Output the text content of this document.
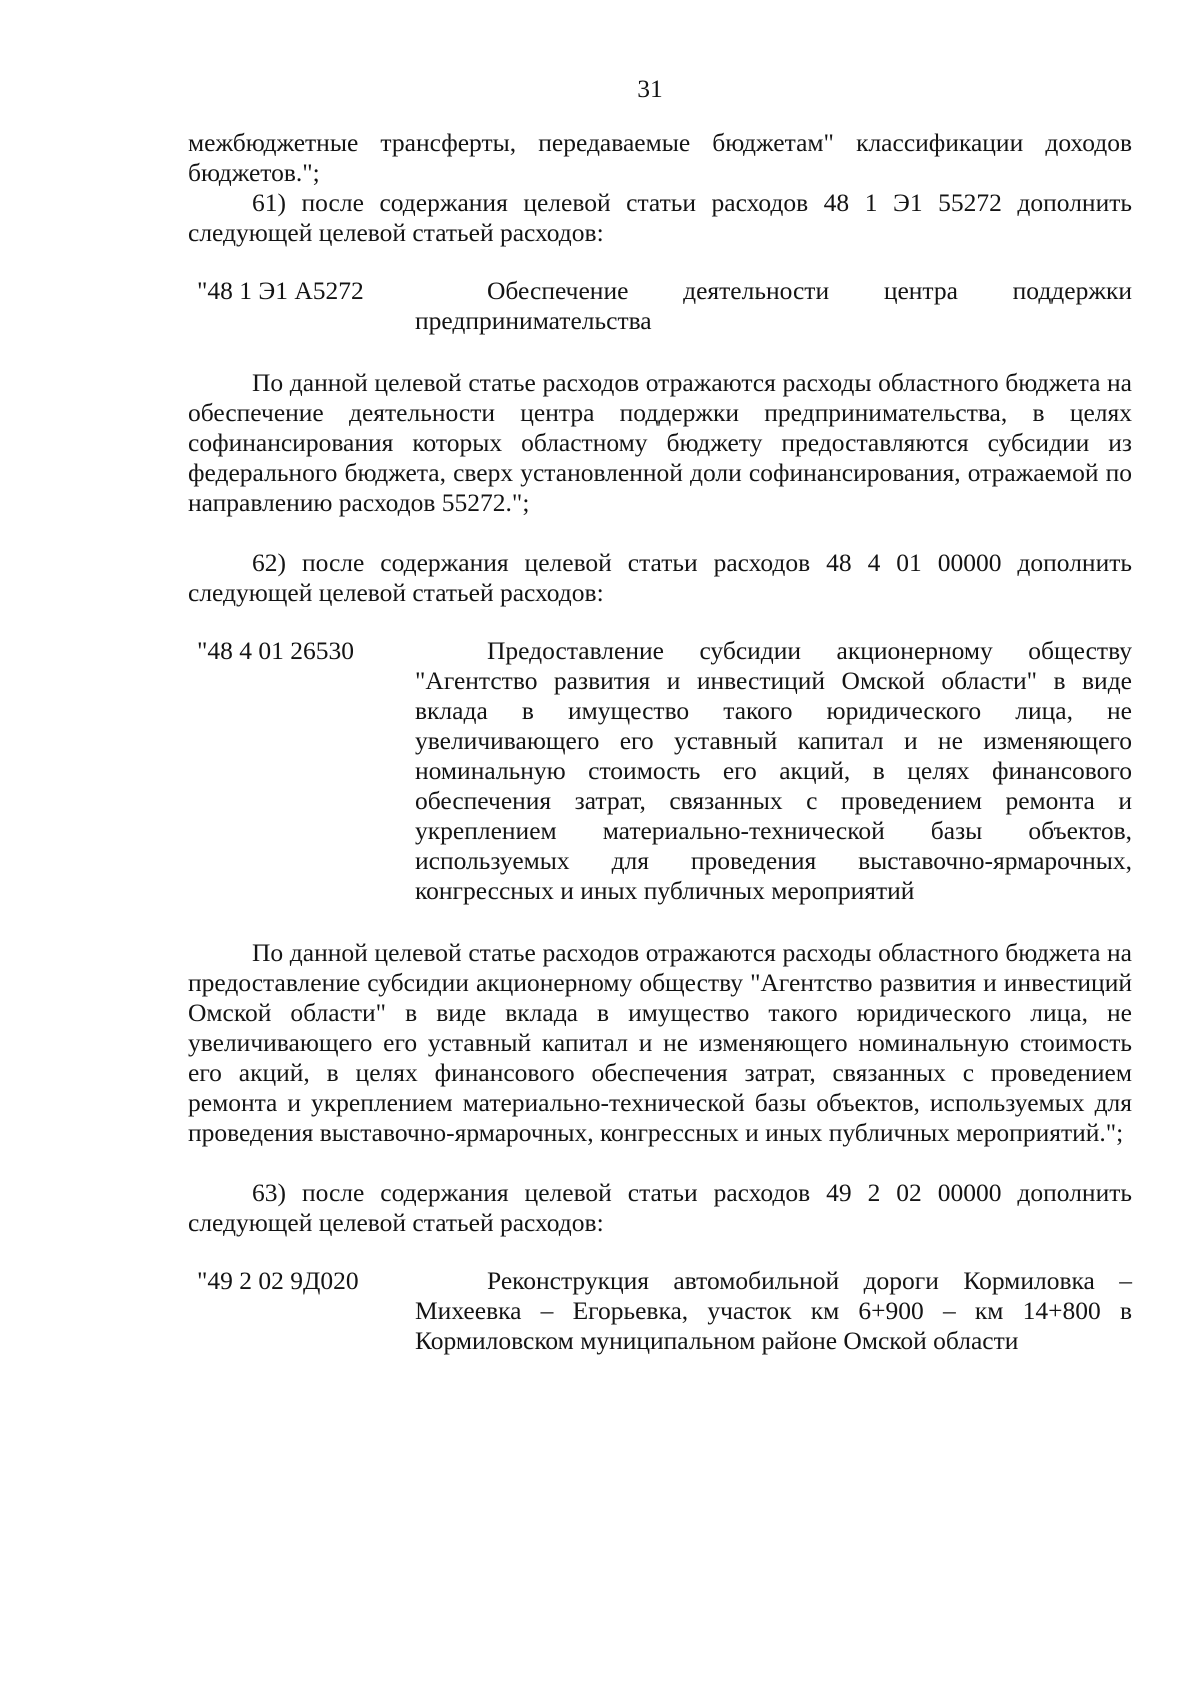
31

межбюджетные трансферты, передаваемые бюджетам" классификации доходов бюджетов.";

61) после содержания целевой статьи расходов 48 1 Э1 55272 дополнить следующей целевой статьей расходов:

"48 1 Э1 А5272	Обеспечение деятельности центра поддержки предпринимательства

По данной целевой статье расходов отражаются расходы областного бюджета на обеспечение деятельности центра поддержки предпринимательства, в целях софинансирования которых областному бюджету предоставляются субсидии из федерального бюджета, сверх установленной доли софинансирования, отражаемой по направлению расходов 55272.";

62) после содержания целевой статьи расходов 48 4 01 00000 дополнить следующей целевой статьей расходов:

"48 4 01 26530	Предоставление субсидии акционерному обществу "Агентство развития и инвестиций Омской области" в виде вклада в имущество такого юридического лица, не увеличивающего его уставный капитал и не изменяющего номинальную стоимость его акций, в целях финансового обеспечения затрат, связанных с проведением ремонта и укреплением материально-технической базы объектов, используемых для проведения выставочно-ярмарочных, конгрессных и иных публичных мероприятий

По данной целевой статье расходов отражаются расходы областного бюджета на предоставление субсидии акционерному обществу "Агентство развития и инвестиций Омской области" в виде вклада в имущество такого юридического лица, не увеличивающего его уставный капитал и не изменяющего номинальную стоимость его акций, в целях финансового обеспечения затрат, связанных с проведением ремонта и укреплением материально-технической базы объектов, используемых для проведения выставочно-ярмарочных, конгрессных и иных публичных мероприятий.";

63) после содержания целевой статьи расходов 49 2 02 00000 дополнить следующей целевой статьей расходов:

"49 2 02 9Д020	Реконструкция автомобильной дороги Кормиловка – Михеевка – Егорьевка, участок км 6+900 – км 14+800 в Кормиловском муниципальном районе Омской области
